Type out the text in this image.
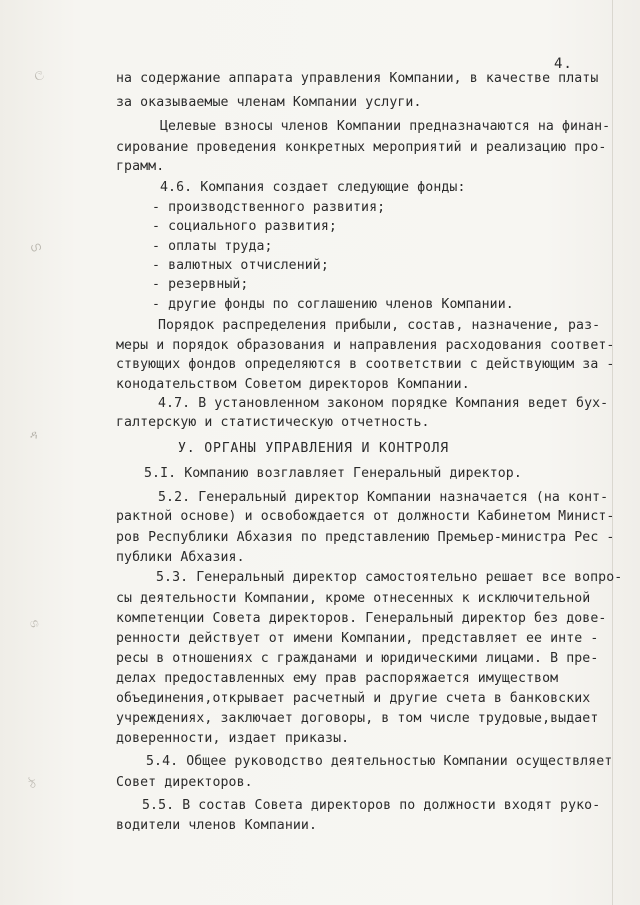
ල
ഗ
ዳ
ශ
ঠ
4.
на содержание аппарата управления Компании, в качестве платы
за оказываемые членам Компании услуги.
Целевые взносы членов Компании предназначаются на финан-
сирование проведения конкретных мероприятий и реализацию про-
грамм.
4.6. Компания создает следующие фонды:
- производственного развития;
- социального развития;
- оплаты труда;
- валютных отчислений;
- резервный;
- другие фонды по соглашению членов Компании.
Порядок распределения прибыли, состав, назначение, раз-
меры и порядок образования и направления расходования соответ-
ствующих фондов определяются в соответствии с действующим за -
конодательством Советом директоров Компании.
4.7. В установленном законом порядке Компания ведет бух-
галтерскую и статистическую отчетность.
У. ОРГАНЫ УПРАВЛЕНИЯ И КОНТРОЛЯ
5.I. Компанию возглавляет Генеральный директор.
5.2. Генеральный директор Компании назначается (на конт-
рактной основе) и освобождается от должности Кабинетом Минист-
ров Республики Абхазия по представлению Премьер-министра Рес -
публики Абхазия.
5.3. Генеральный директор самостоятельно решает все вопро-
сы деятельности Компании, кроме отнесенных к исключительной
компетенции Совета директоров. Генеральный директор без дове-
ренности действует от имени Компании, представляет ее инте -
ресы в отношениях с гражданами и юридическими лицами. В пре-
делах предоставленных ему прав распоряжается имуществом
объединения,открывает расчетный и другие счета в банковских
учреждениях, заключает договоры, в том числе трудовые,выдает
доверенности, издает приказы.
5.4. Общее руководство деятельностью Компании осуществляет
Совет директоров.
5.5. В состав Совета директоров по должности входят руко-
водители членов Компании.
